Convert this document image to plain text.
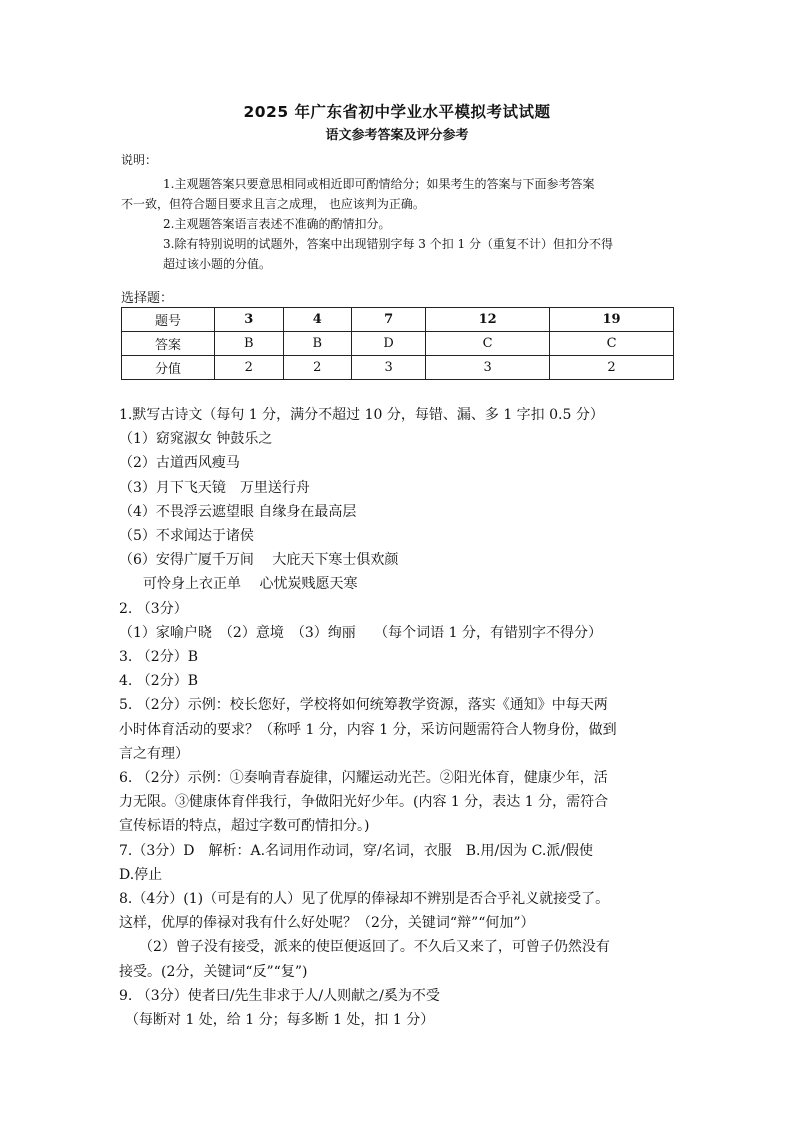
2025 年广东省初中学业水平模拟考试试题
语文参考答案及评分参考
说明：
1.主观题答案只要意思相同或相近即可酌情给分；如果考生的答案与下面参考答案
不一致，但符合题目要求且言之成理， 也应该判为正确。
2.主观题答案语言表述不准确的酌情扣分。
3.除有特别说明的试题外，答案中出现错别字每 3 个扣 1 分（重复不计）但扣分不得
超过该小题的分值。
选择题：
题号	3	4	7	12	19
答案	B	B	D	C	C
分值	2	2	3	3	2
1.默写古诗文（每句 1 分，满分不超过 10 分，每错、漏、多 1 字扣 0.5 分）
（1）窈窕淑女 钟鼓乐之
（2）古道西风瘦马
（3）月下飞天镜　万里送行舟
（4）不畏浮云遮望眼 自缘身在最高层
（5）不求闻达于诸侯
（6）安得广厦千万间　 大庇天下寒士俱欢颜
可怜身上衣正单　 心忧炭贱愿天寒
2. （3分）
（1）家喻户晓　（2）意境　（3）绚丽　 （每个词语 1 分，有错别字不得分）
3. （2分）B
4. （2分）B
5. （2分）示例：校长您好，学校将如何统筹教学资源，落实《通知》中每天两
小时体育活动的要求？（称呼 1 分，内容 1 分，采访问题需符合人物身份，做到
言之有理）
6. （2分）示例：①奏响青春旋律，闪耀运动光芒。②阳光体育，健康少年，活
力无限。③健康体育伴我行，争做阳光好少年。(内容 1 分，表达 1 分，需符合
宣传标语的特点，超过字数可酌情扣分。)
7.（3分）D　解析：A.名词用作动词，穿/名词，衣服　B.用/因为 C.派/假使
D.停止
8.（4分）(1)（可是有的人）见了优厚的俸禄却不辨别是否合乎礼义就接受了。
这样，优厚的俸禄对我有什么好处呢？（2分，关键词“辩”“何加”）
（2）曾子没有接受，派来的使臣便返回了。不久后又来了，可曾子仍然没有
接受。(2分，关键词“反”“复”)
9. （3分）使者曰/先生非求于人/人则献之/奚为不受
（每断对 1 处，给 1 分；每多断 1 处，扣 1 分）
